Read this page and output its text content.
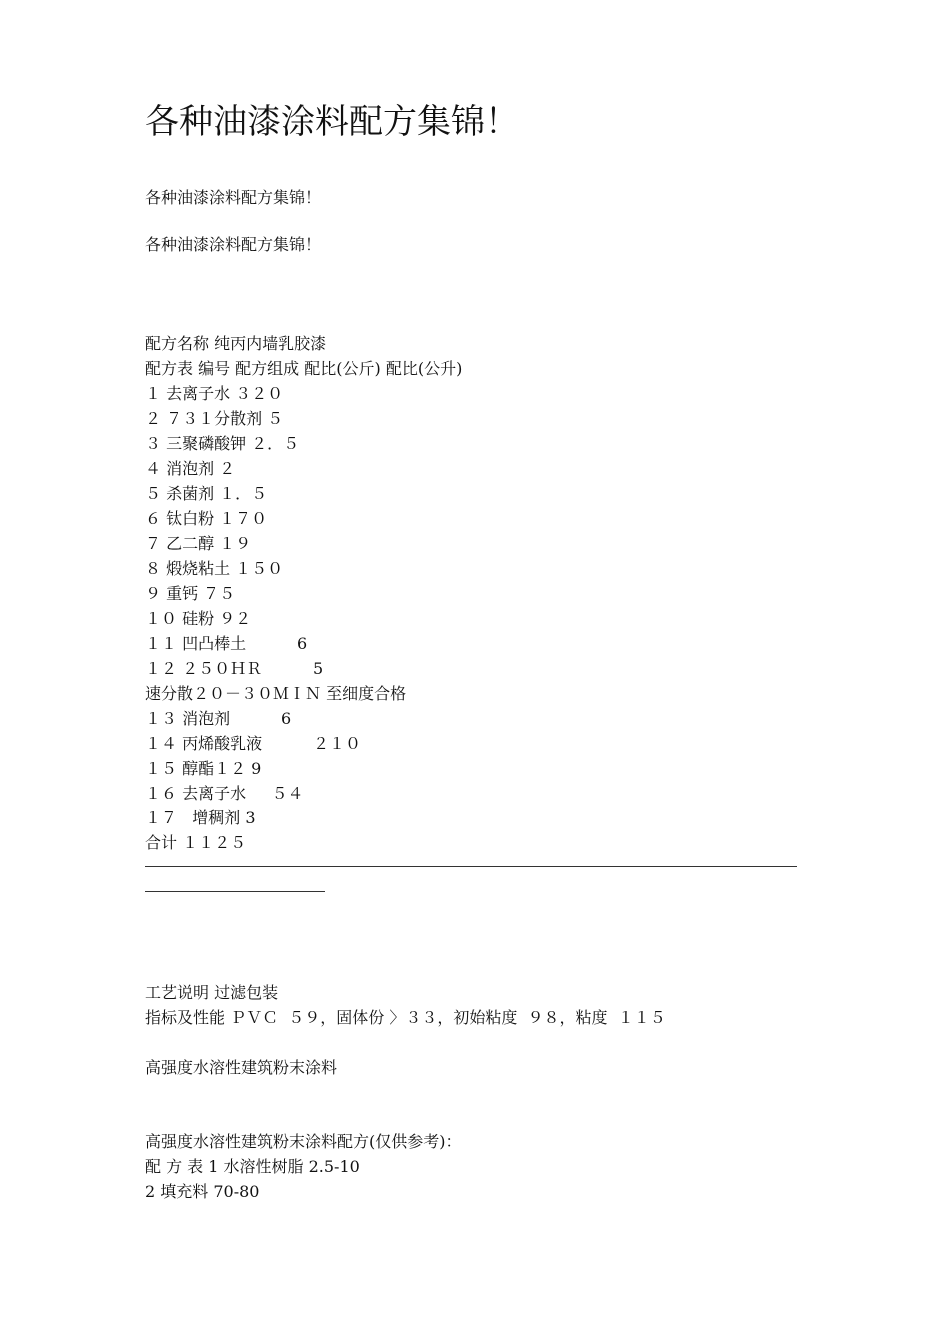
各种油漆涂料配方集锦！
各种油漆涂料配方集锦！
各种油漆涂料配方集锦！
配方名称 纯丙内墙乳胶漆
配方表 编号 配方组成 配比(公斤) 配比(公升)
１ 去离子水 ３２０
２ ７３１分散剂 ５
３ 三聚磷酸钾 ２．５
４ 消泡剂 ２
５ 杀菌剂 １．５
６ 钛白粉 １７０
７ 乙二醇 １９
８ 煅烧粘土 １５０
９ 重钙 ７５
１０ 硅粉 ９２
１１ 凹凸棒土          6
１２ ２５０ＨＲ          5
速分散２０－３０ＭＩＮ 至细度合格
１３ 消泡剂          6
１４ 丙烯酸乳液          ２１０
１５ 醇酯１２ 9
１６ 去离子水     ５４
１７   增稠剂 3
合计 １１２５
工艺说明 过滤包装
指标及性能 ＰＶＣ  ５９，固体份 〉３３，初始粘度  ９８，粘度  １１５
高强度水溶性建筑粉末涂料
高强度水溶性建筑粉末涂料配方(仅供参考)：
配 方 表 1 水溶性树脂 2.5-10
2 填充料 70-80
